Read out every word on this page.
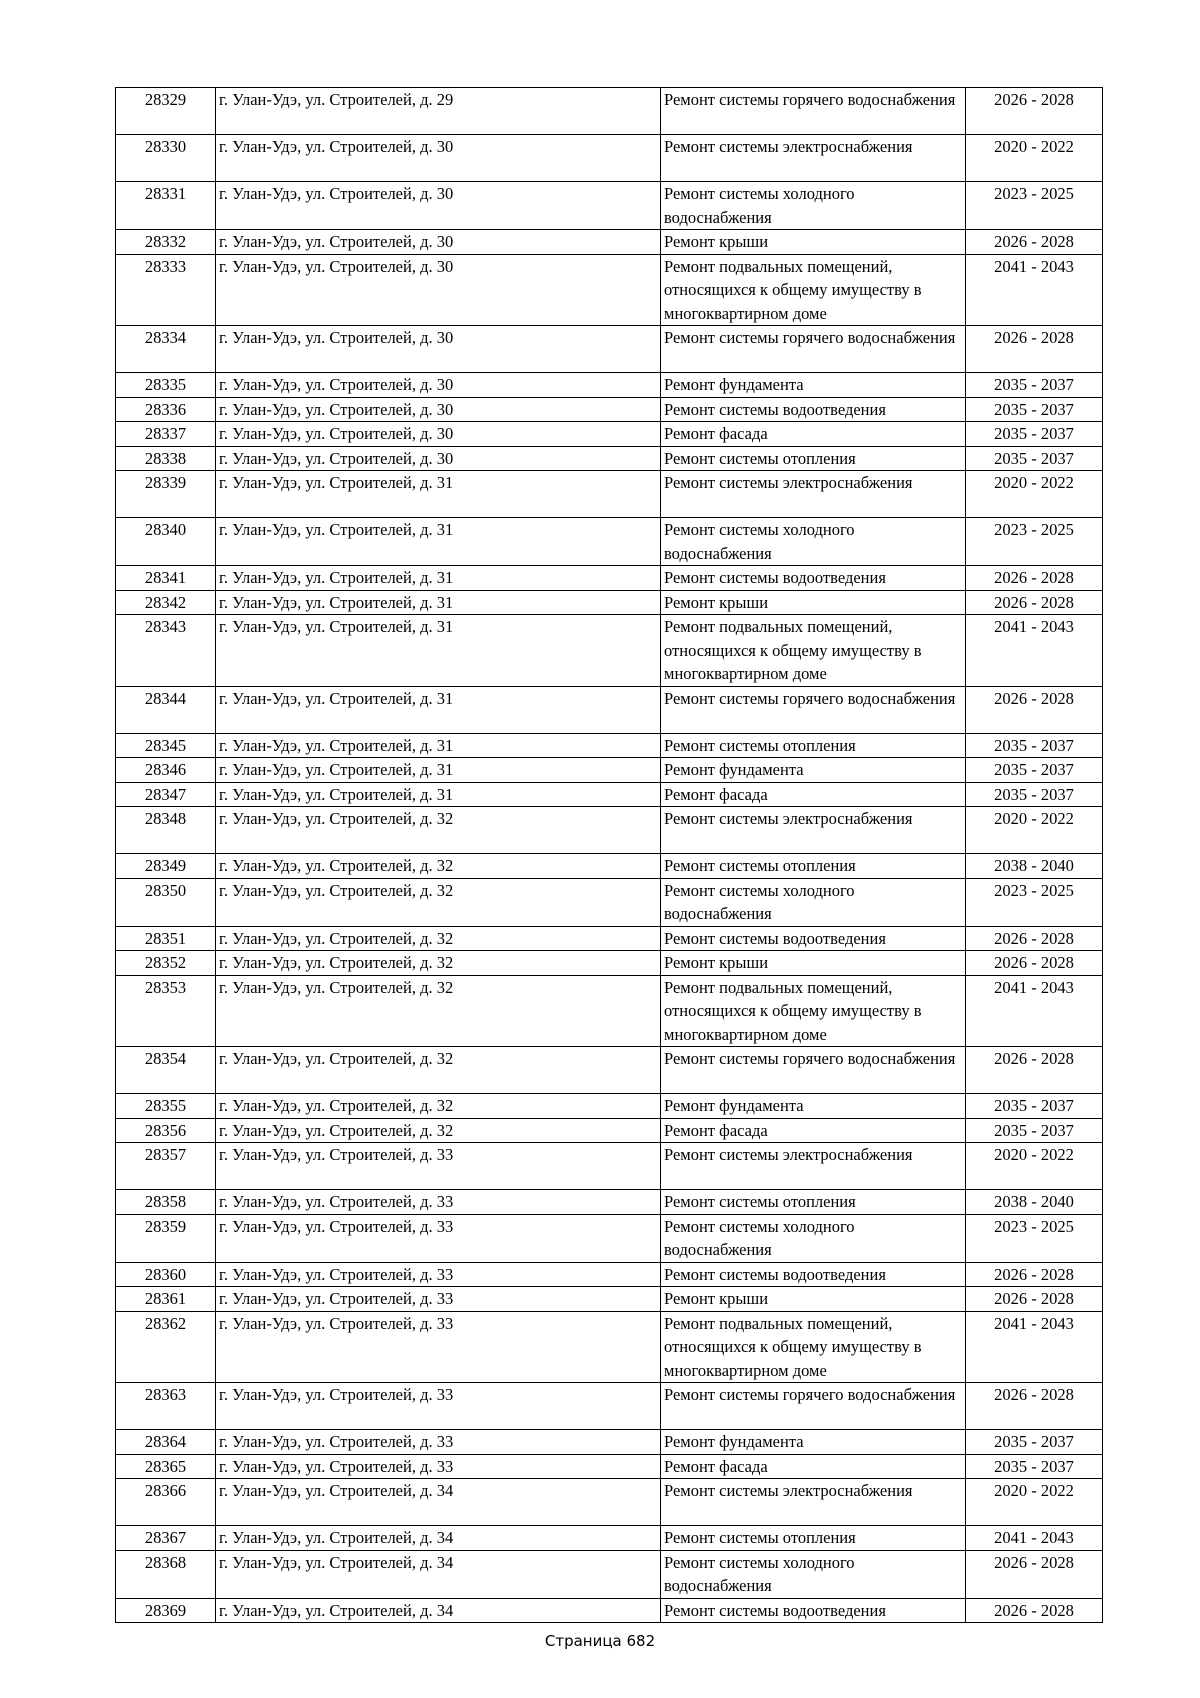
28329	г. Улан-Удэ, ул. Строителей, д. 29	Ремонт системы горячего водоснабжения	2026 - 2028
28330	г. Улан-Удэ, ул. Строителей, д. 30	Ремонт системы электроснабжения	2020 - 2022
28331	г. Улан-Удэ, ул. Строителей, д. 30	Ремонт системы холодного водоснабжения	2023 - 2025
28332	г. Улан-Удэ, ул. Строителей, д. 30	Ремонт крыши	2026 - 2028
28333	г. Улан-Удэ, ул. Строителей, д. 30	Ремонт подвальных помещений, относящихся к общему имуществу в многоквартирном доме	2041 - 2043
28334	г. Улан-Удэ, ул. Строителей, д. 30	Ремонт системы горячего водоснабжения	2026 - 2028
28335	г. Улан-Удэ, ул. Строителей, д. 30	Ремонт фундамента	2035 - 2037
28336	г. Улан-Удэ, ул. Строителей, д. 30	Ремонт системы водоотведения	2035 - 2037
28337	г. Улан-Удэ, ул. Строителей, д. 30	Ремонт фасада	2035 - 2037
28338	г. Улан-Удэ, ул. Строителей, д. 30	Ремонт системы отопления	2035 - 2037
28339	г. Улан-Удэ, ул. Строителей, д. 31	Ремонт системы электроснабжения	2020 - 2022
28340	г. Улан-Удэ, ул. Строителей, д. 31	Ремонт системы холодного водоснабжения	2023 - 2025
28341	г. Улан-Удэ, ул. Строителей, д. 31	Ремонт системы водоотведения	2026 - 2028
28342	г. Улан-Удэ, ул. Строителей, д. 31	Ремонт крыши	2026 - 2028
28343	г. Улан-Удэ, ул. Строителей, д. 31	Ремонт подвальных помещений, относящихся к общему имуществу в многоквартирном доме	2041 - 2043
28344	г. Улан-Удэ, ул. Строителей, д. 31	Ремонт системы горячего водоснабжения	2026 - 2028
28345	г. Улан-Удэ, ул. Строителей, д. 31	Ремонт системы отопления	2035 - 2037
28346	г. Улан-Удэ, ул. Строителей, д. 31	Ремонт фундамента	2035 - 2037
28347	г. Улан-Удэ, ул. Строителей, д. 31	Ремонт фасада	2035 - 2037
28348	г. Улан-Удэ, ул. Строителей, д. 32	Ремонт системы электроснабжения	2020 - 2022
28349	г. Улан-Удэ, ул. Строителей, д. 32	Ремонт системы отопления	2038 - 2040
28350	г. Улан-Удэ, ул. Строителей, д. 32	Ремонт системы холодного водоснабжения	2023 - 2025
28351	г. Улан-Удэ, ул. Строителей, д. 32	Ремонт системы водоотведения	2026 - 2028
28352	г. Улан-Удэ, ул. Строителей, д. 32	Ремонт крыши	2026 - 2028
28353	г. Улан-Удэ, ул. Строителей, д. 32	Ремонт подвальных помещений, относящихся к общему имуществу в многоквартирном доме	2041 - 2043
28354	г. Улан-Удэ, ул. Строителей, д. 32	Ремонт системы горячего водоснабжения	2026 - 2028
28355	г. Улан-Удэ, ул. Строителей, д. 32	Ремонт фундамента	2035 - 2037
28356	г. Улан-Удэ, ул. Строителей, д. 32	Ремонт фасада	2035 - 2037
28357	г. Улан-Удэ, ул. Строителей, д. 33	Ремонт системы электроснабжения	2020 - 2022
28358	г. Улан-Удэ, ул. Строителей, д. 33	Ремонт системы отопления	2038 - 2040
28359	г. Улан-Удэ, ул. Строителей, д. 33	Ремонт системы холодного водоснабжения	2023 - 2025
28360	г. Улан-Удэ, ул. Строителей, д. 33	Ремонт системы водоотведения	2026 - 2028
28361	г. Улан-Удэ, ул. Строителей, д. 33	Ремонт крыши	2026 - 2028
28362	г. Улан-Удэ, ул. Строителей, д. 33	Ремонт подвальных помещений, относящихся к общему имуществу в многоквартирном доме	2041 - 2043
28363	г. Улан-Удэ, ул. Строителей, д. 33	Ремонт системы горячего водоснабжения	2026 - 2028
28364	г. Улан-Удэ, ул. Строителей, д. 33	Ремонт фундамента	2035 - 2037
28365	г. Улан-Удэ, ул. Строителей, д. 33	Ремонт фасада	2035 - 2037
28366	г. Улан-Удэ, ул. Строителей, д. 34	Ремонт системы электроснабжения	2020 - 2022
28367	г. Улан-Удэ, ул. Строителей, д. 34	Ремонт системы отопления	2041 - 2043
28368	г. Улан-Удэ, ул. Строителей, д. 34	Ремонт системы холодного водоснабжения	2026 - 2028
28369	г. Улан-Удэ, ул. Строителей, д. 34	Ремонт системы водоотведения	2026 - 2028
Страница 682
